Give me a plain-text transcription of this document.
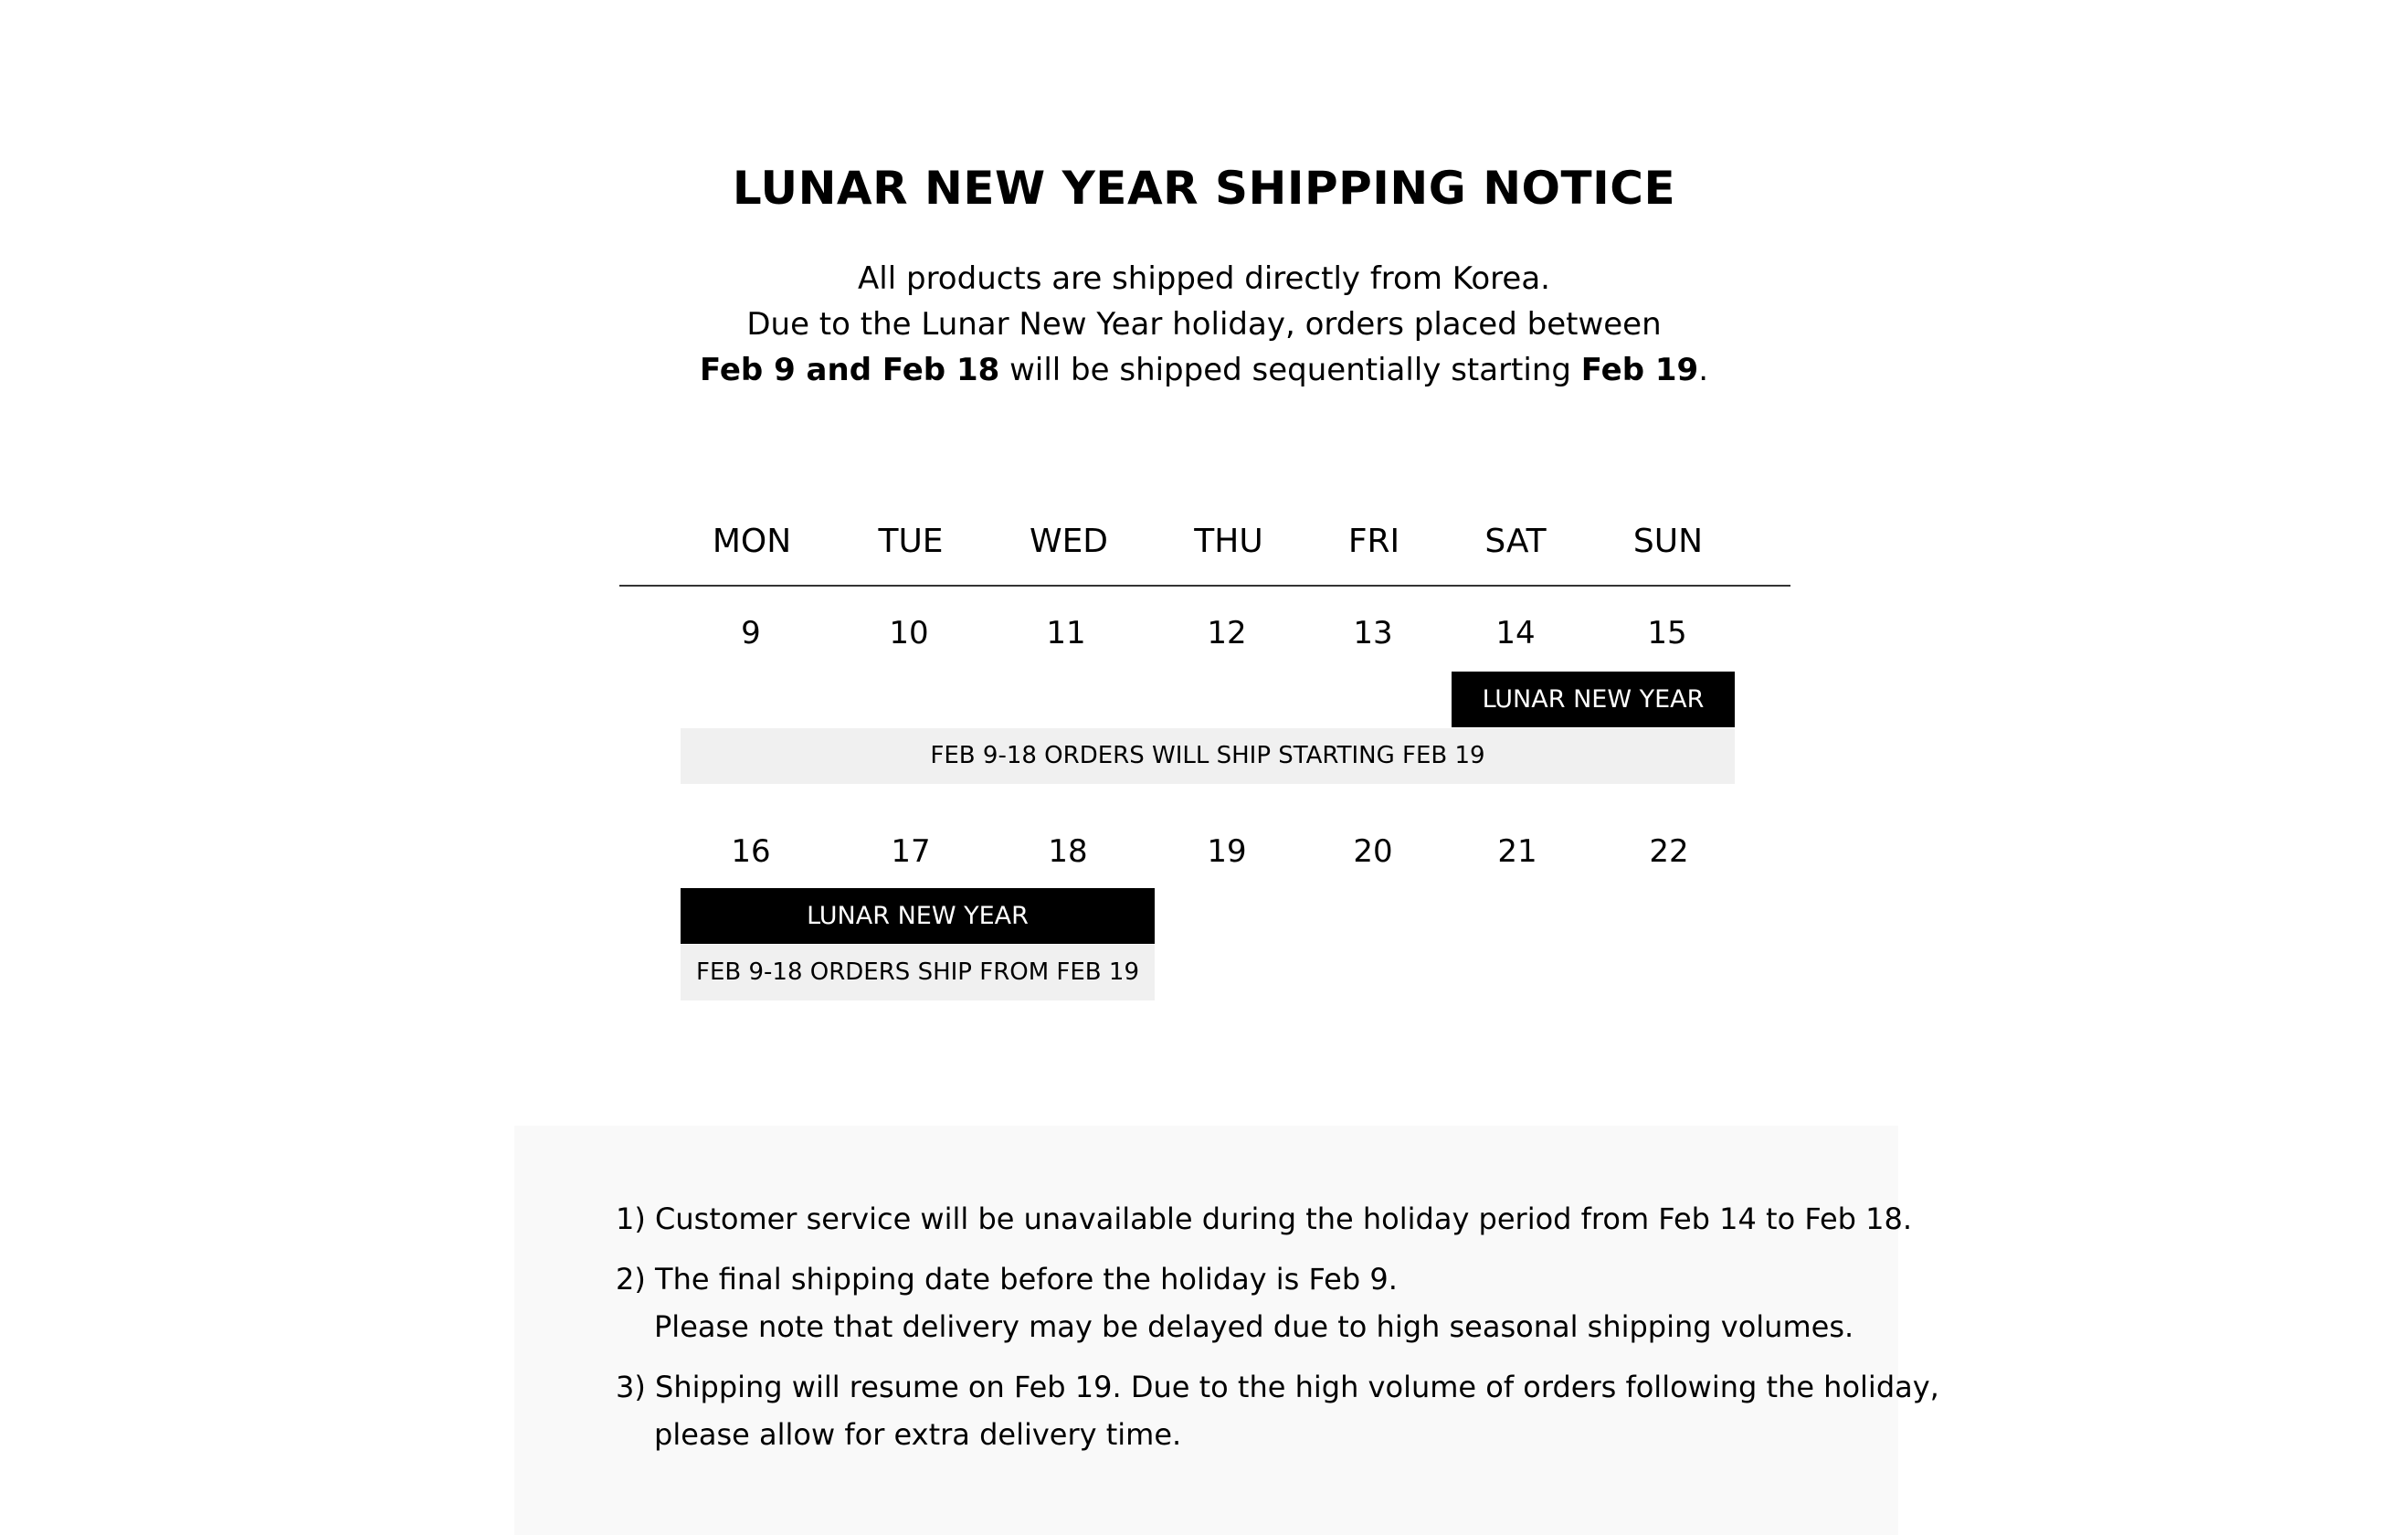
LUNAR NEW YEAR SHIPPING NOTICE
All products are shipped directly from Korea.
Due to the Lunar New Year holiday, orders placed between
Feb 9 and Feb 18 will be shipped sequentially starting Feb 19.
MON	TUE	WED	THU	FRI	SAT	SUN
9	10	11	12	13	14	15
LUNAR NEW YEAR
FEB 9-18 ORDERS WILL SHIP STARTING FEB 19
16	17	18	19	20	21	22
LUNAR NEW YEAR
FEB 9-18 ORDERS SHIP FROM FEB 19
1) Customer service will be unavailable during the holiday period from Feb 14 to Feb 18.
2) The final shipping date before the holiday is Feb 9.
Please note that delivery may be delayed due to high seasonal shipping volumes.
3) Shipping will resume on Feb 19. Due to the high volume of orders following the holiday,
please allow for extra delivery time.
